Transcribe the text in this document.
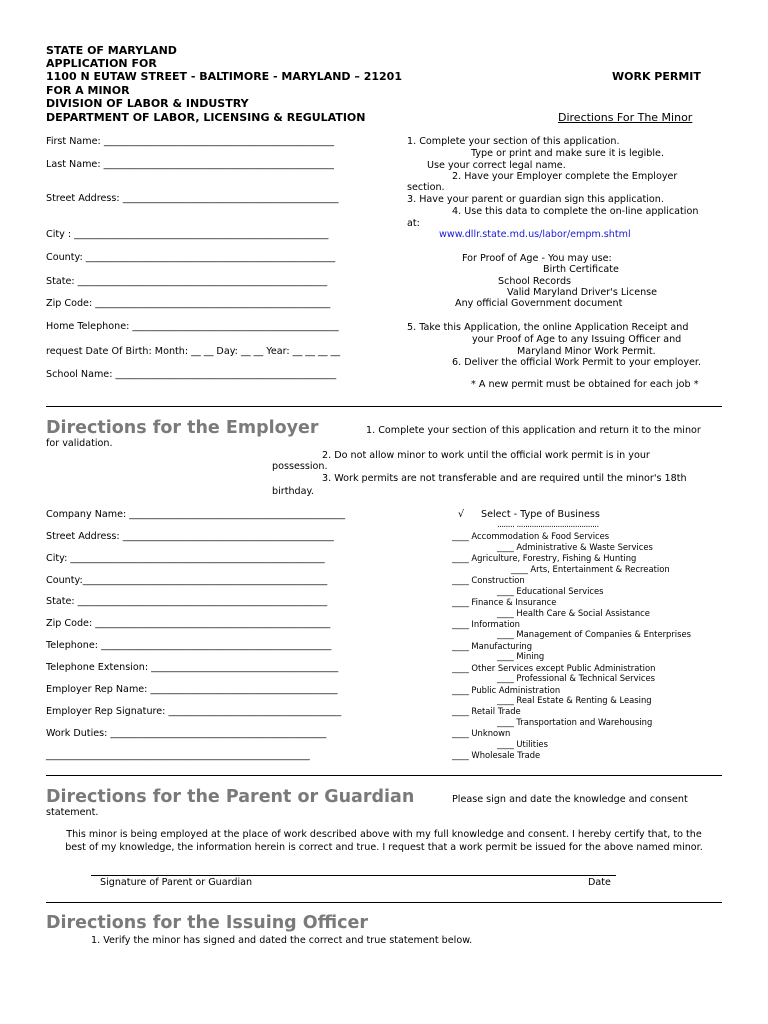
STATE OF MARYLAND
APPLICATION FOR
1100 N EUTAW STREET - BALTIMORE - MARYLAND – 21201
FOR A MINOR
DIVISION OF LABOR & INDUSTRY
DEPARTMENT OF LABOR, LICENSING & REGULATION
WORK PERMIT
Directions For The Minor
First Name: ________________________________________________
Last Name: ________________________________________________
Street Address: _____________________________________________
City : _____________________________________________________
County: ____________________________________________________
State: ____________________________________________________
Zip Code: _________________________________________________
Home Telephone: ___________________________________________
request Date Of Birth: Month: __ __ Day: __ __ Year: __ __ __ __
School Name: ______________________________________________
1. Complete your section of this application.
Type or print and make sure it is legible.
Use your correct legal name.
2. Have your Employer complete the Employer
section.
3. Have your parent or guardian sign this application.
4. Use this data to complete the on-line application
at:
www.dllr.state.md.us/labor/empm.shtml
For Proof of Age - You may use:
Birth Certificate
School Records
Valid Maryland Driver's License
Any official Government document
5. Take this Application, the online Application Receipt and
your Proof of Age to any Issuing Officer and
Maryland Minor Work Permit.
6. Deliver the official Work Permit to your employer.
* A new permit must be obtained for each job *
Directions for the Employer	1. Complete your section of this application and return it to the minor
for validation.
2. Do not allow minor to work until the official work permit is in your
possession.
3. Work permits are not transferable and are required until the minor's 18th
birthday.
Company Name: _____________________________________________
Street Address: ____________________________________________
City: _____________________________________________________
County:___________________________________________________
State: ____________________________________________________
Zip Code: _________________________________________________
Telephone: ________________________________________________
Telephone Extension: _______________________________________
Employer Rep Name: _______________________________________
Employer Rep Signature: ____________________________________
Work Duties: _____________________________________________
_______________________________________________________
√ Select - Type of Business
........ ......................................
____ Accommodation & Food Services
____ Administrative & Waste Services
____ Agriculture, Forestry, Fishing & Hunting
____ Arts, Entertainment & Recreation
____ Construction
____ Educational Services
____ Finance & Insurance
____ Health Care & Social Assistance
____ Information
____ Management of Companies & Enterprises
____ Manufacturing
____ Mining
____ Other Services except Public Administration
____ Professional & Technical Services
____ Public Administration
____ Real Estate & Renting & Leasing
____ Retail Trade
____ Transportation and Warehousing
____ Unknown
____ Utilities
____ Wholesale Trade
Directions for the Parent or Guardian	Please sign and date the knowledge and consent
statement.
This minor is being employed at the place of work described above with my full knowledge and consent. I hereby certify that, to the
best of my knowledge, the information herein is correct and true. I request that a work permit be issued for the above named minor.
Signature of Parent or Guardian	Date
Directions for the Issuing Officer
1. Verify the minor has signed and dated the correct and true statement below.
